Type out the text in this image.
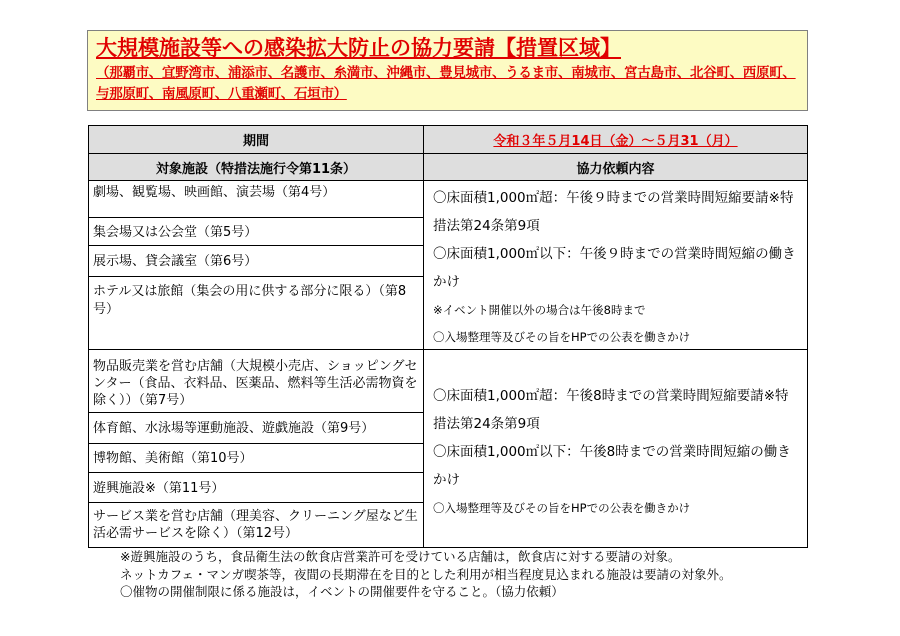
大規模施設等への感染拡大防止の協力要請【措置区域】
（那覇市、宜野湾市、浦添市、名護市、糸満市、沖縄市、豊見城市、うるま市、南城市、宮古島市、北谷町、西原町、与那原町、南風原町、八重瀬町、石垣市）
期間	令和３年５月14日（金）～５月31（月）
対象施設（特措法施行令第11条）	協力依頼内容
劇場、観覧場、映画館、演芸場（第4号）
集会場又は公会堂（第5号）
展示場、貸会議室（第6号）
ホテル又は旅館（集会の用に供する部分に限る）（第8号）
〇床面積1,000㎡超：午後９時までの営業時間短縮要請※特措法第24条第9項
〇床面積1,000㎡以下：午後９時までの営業時間短縮の働きかけ
※イベント開催以外の場合は午後8時まで
〇入場整理等及びその旨をHPでの公表を働きかけ
物品販売業を営む店舗（大規模小売店、ショッピングセンター（食品、衣料品、医薬品、燃料等生活必需物資を除く））（第7号）
体育館、水泳場等運動施設、遊戯施設（第9号）
博物館、美術館（第10号）
遊興施設※（第11号）
サービス業を営む店舗（理美容、クリーニング屋など生活必需サービスを除く）（第12号）
〇床面積1,000㎡超：午後8時までの営業時間短縮要請※特措法第24条第9項
〇床面積1,000㎡以下：午後8時までの営業時間短縮の働きかけ
〇入場整理等及びその旨をHPでの公表を働きかけ
※遊興施設のうち，食品衛生法の飲食店営業許可を受けている店舗は，飲食店に対する要請の対象。
ネットカフェ・マンガ喫茶等，夜間の長期滞在を目的とした利用が相当程度見込まれる施設は要請の対象外。
〇催物の開催制限に係る施設は，イベントの開催要件を守ること。（協力依頼）
